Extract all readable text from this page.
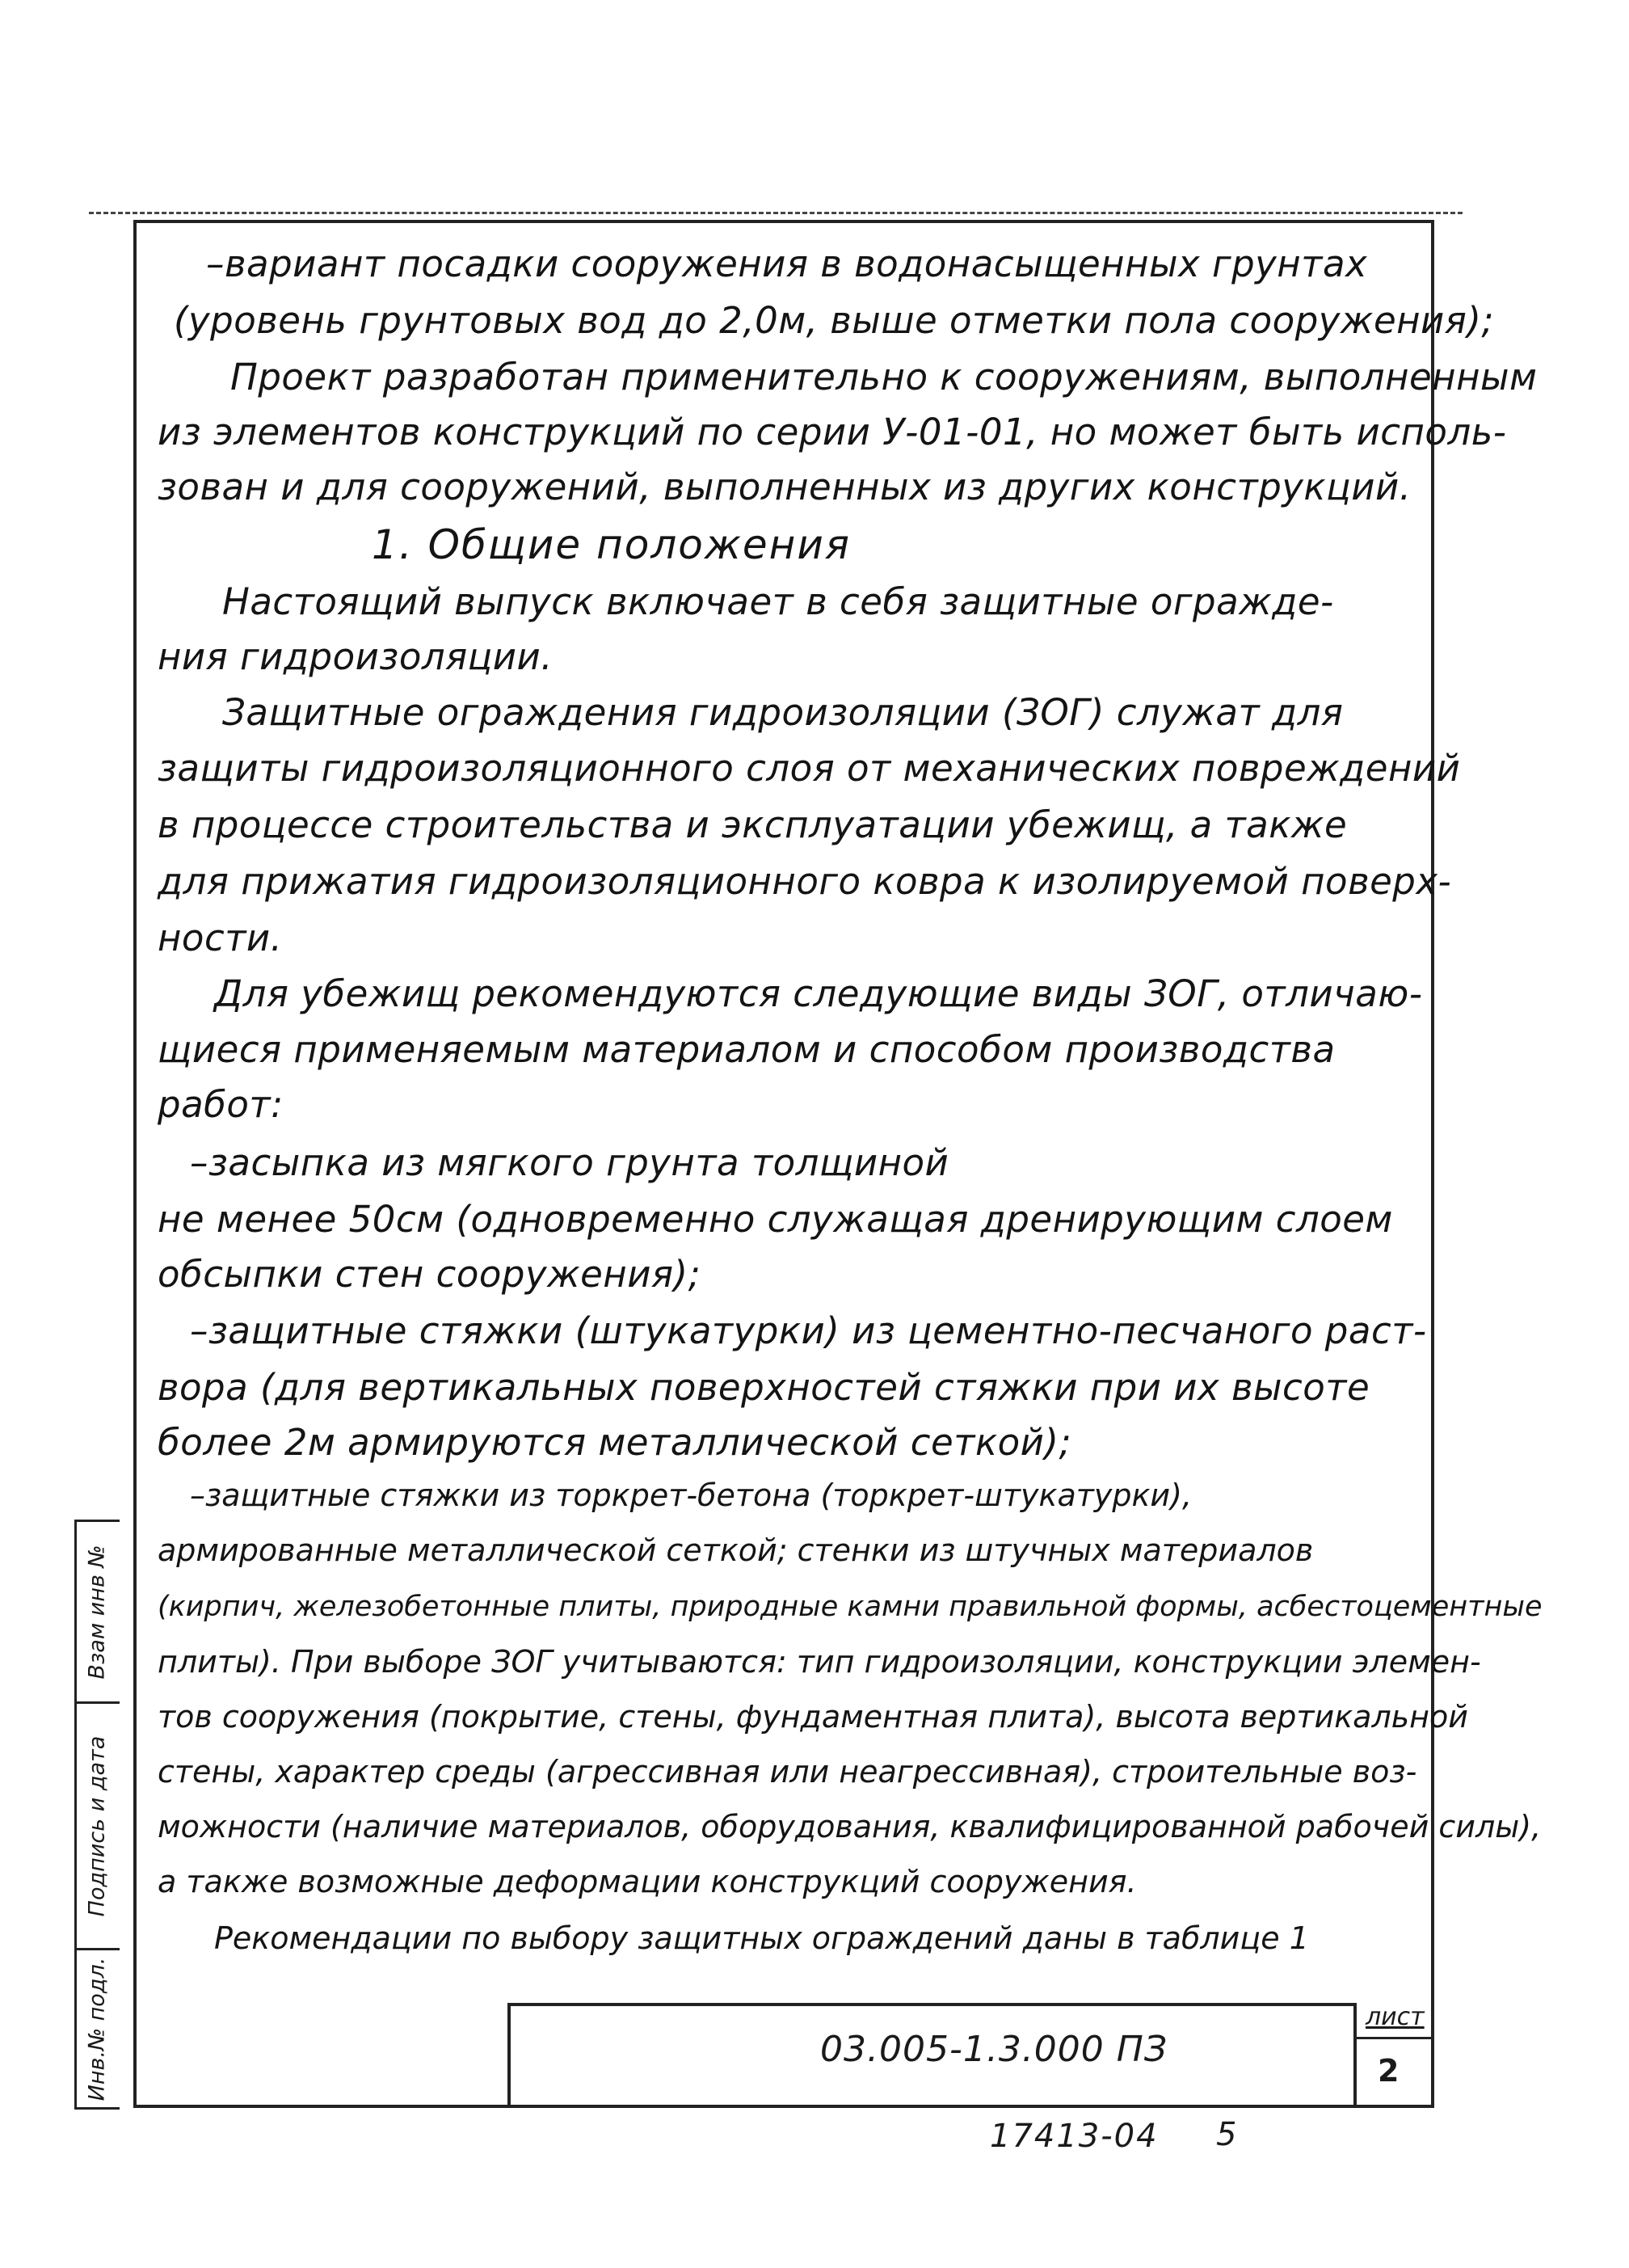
–вариант посадки сооружения в водонасыщенных грунтах
(уровень грунтовых вод до 2,0м, выше отметки пола сооружения);
Проект разработан применительно к сооружениям, выполненным
из элементов конструкций по серии У-01-01, но может быть исполь-
зован и для сооружений, выполненных из других конструкций.
1. Общие положения
Настоящий выпуск включает в себя защитные огражде-
ния гидроизоляции.
Защитные ограждения гидроизоляции (ЗОГ) служат для
защиты гидроизоляционного слоя от механических повреждений
в процессе строительства и эксплуатации убежищ, а также
для прижатия гидроизоляционного ковра к изолируемой поверх-
ности.
Для убежищ рекомендуются следующие виды ЗОГ, отличаю-
щиеся применяемым материалом и способом производства
работ:
–засыпка из мягкого грунта толщиной
не менее 50см (одновременно служащая дренирующим слоем
обсыпки стен сооружения);
–защитные стяжки (штукатурки) из цементно-песчаного раст-
вора (для вертикальных поверхностей стяжки при их высоте
более 2м армируются металлической сеткой);
–защитные стяжки из торкрет-бетона (торкрет-штукатурки),
армированные металлической сеткой; стенки из штучных материалов
(кирпич, железобетонные плиты, природные камни правильной формы, асбестоцементные
плиты). При выборе ЗОГ учитываются: тип гидроизоляции, конструкции элемен-
тов сооружения (покрытие, стены, фундаментная плита), высота вертикальной
стены, характер среды (агрессивная или неагрессивная), строительные воз-
можности (наличие материалов, оборудования, квалифицированной рабочей силы),
а также возможные деформации конструкций сооружения.
Рекомендации по выбору защитных ограждений даны в таблице 1
Взам инв №
Подпись и дата
Инв.№ подл.	03.005-1.3.000 ПЗ
лист
2
17413-04 5
